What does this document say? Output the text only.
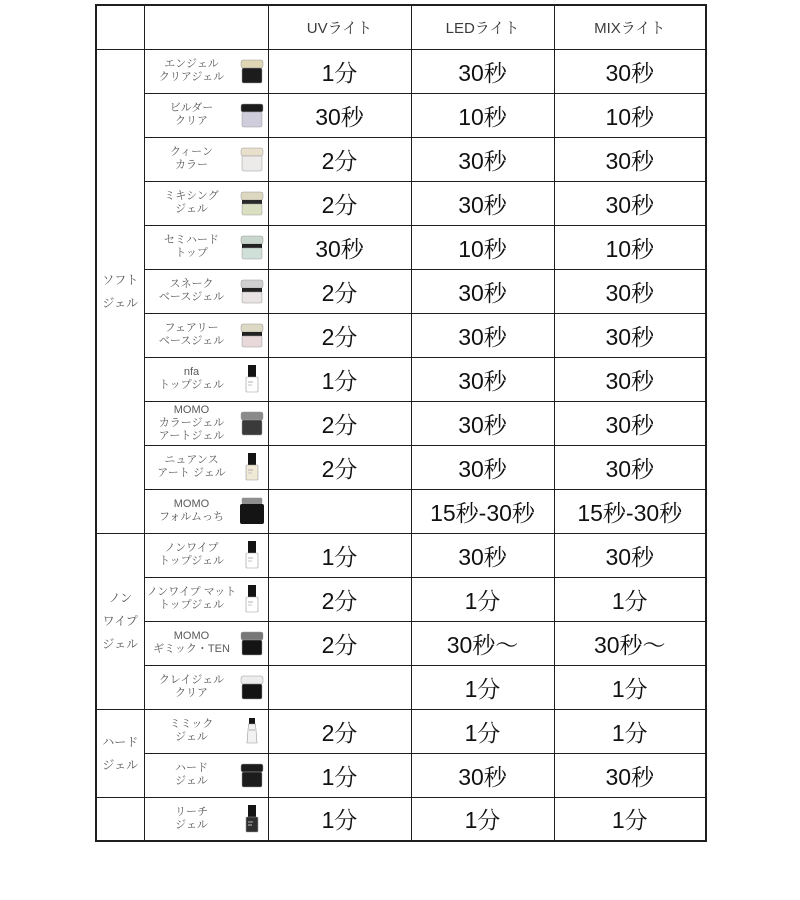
		UVライト	LEDライト	MIXライト

ソフト
ジェル

エンジェル
クリアジェル	1分	30秒	30秒

	ビルダー
クリア	30秒	10秒	10秒

	クィーン
カラー	2分	30秒	30秒

	ミキシング
ジェル	2分	30秒	30秒

	セミハード
トップ	30秒	10秒	10秒

	スネーク
ベースジェル	2分	30秒	30秒

	フェアリー
ベースジェル	2分	30秒	30秒

	nfa
トップジェル	1分	30秒	30秒

	MOMO
カラージェル
アートジェル	2分	30秒	30秒

	ニュアンス
アート ジェル	2分	30秒	30秒

	MOMO
フォルムっち		15秒-30秒	15秒-30秒

ノン
ワイプ
ジェル

ノンワイプ
トップジェル	1分	30秒	30秒

	ノンワイプ マット
トップジェル	2分	1分	1分

	MOMO
ギミック・TEN	2分	30秒～	30秒～

	クレイジェル
クリア		1分	1分

ハード
ジェル

ミミック
ジェル	2分	1分	1分

	ハード
ジェル	1分	30秒	30秒

	リーチ
ジェル	1分	1分	1分
